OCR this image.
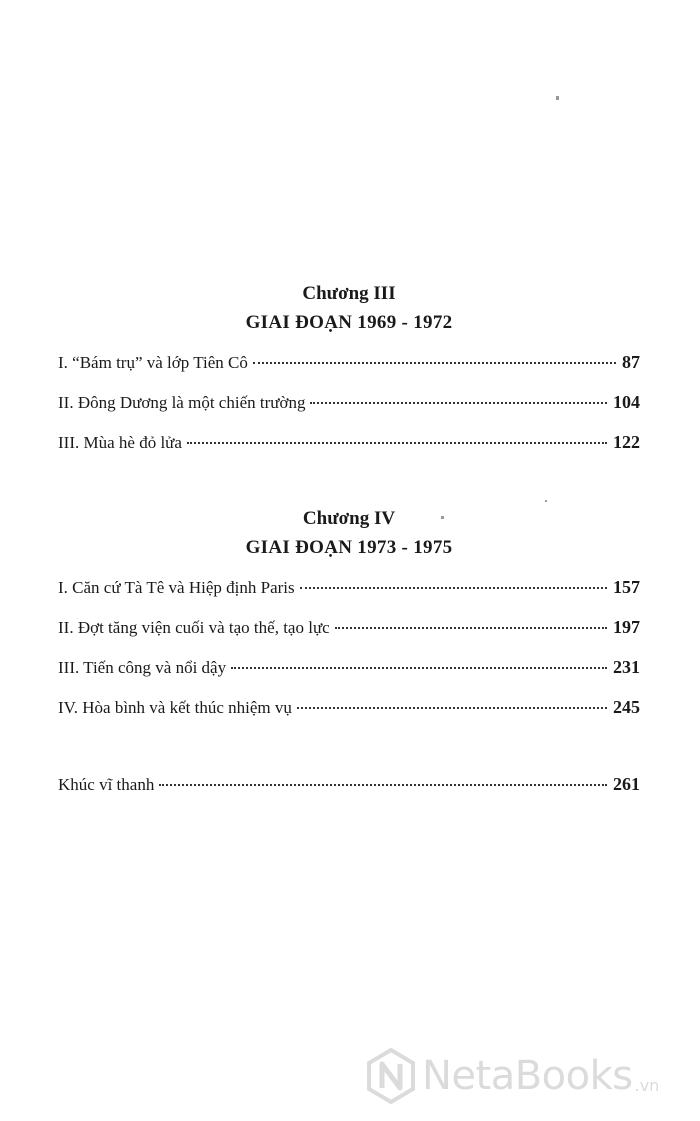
Chương III
GIAI ĐOẠN 1969 - 1972
I. “Bám trụ” và lớp Tiên Cô	87
II. Đông Dương là một chiến trường	104
III. Mùa hè đỏ lửa	122
Chương IV
GIAI ĐOẠN 1973 - 1975
I. Căn cứ Tà Tê và Hiệp định Paris	157
II. Đợt tăng viện cuối và tạo thế, tạo lực	197
III. Tiến công và nổi dậy	231
IV. Hòa bình và kết thúc nhiệm vụ	245
Khúc vĩ thanh	261
NetaBooks .vn
